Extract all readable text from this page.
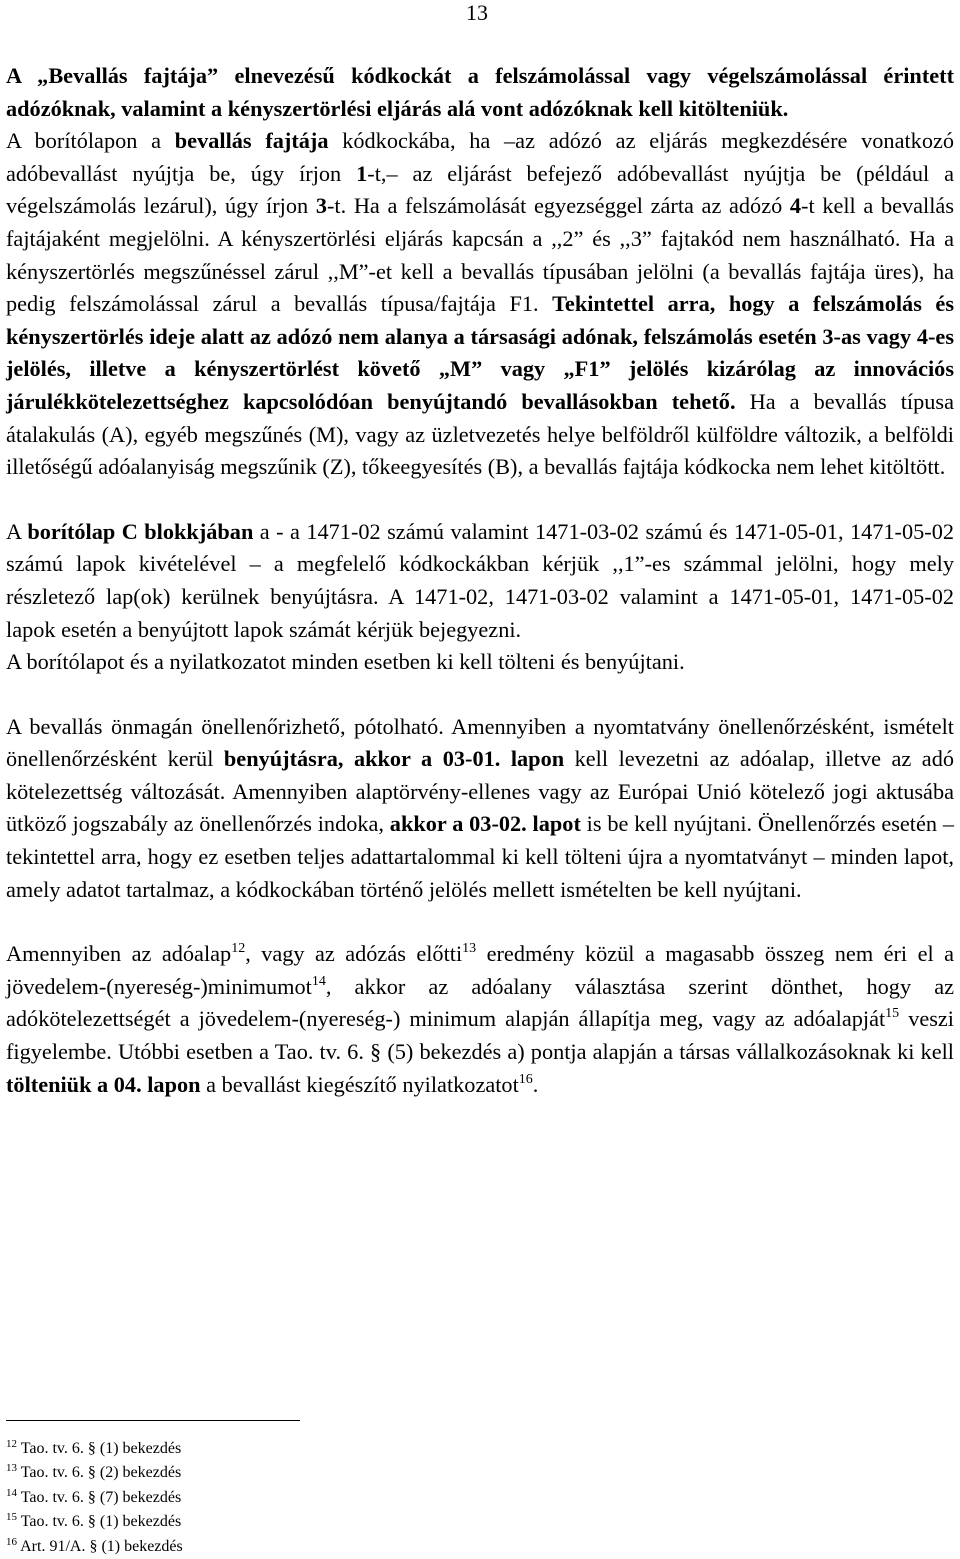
13

A „Bevallás fajtája” elnevezésű kódkockát a felszámolással vagy végelszámolással érintett adózóknak, valamint a kényszertörlési eljárás alá vont adózóknak kell kitölteniük.

A borítólapon a bevallás fajtája kódkockába, ha –az adózó az eljárás megkezdésére vonatkozó adóbevallást nyújtja be, úgy írjon 1-t,– az eljárást befejező adóbevallást nyújtja be (például a végelszámolás lezárul), úgy írjon 3-t. Ha a felszámolását egyezséggel zárta az adózó 4-t kell a bevallás fajtájaként megjelölni. A kényszertörlési eljárás kapcsán a ,,2” és ,,3” fajtakód nem használható. Ha a kényszertörlés megszűnéssel zárul ,,M”-et kell a bevallás típusában jelölni (a bevallás fajtája üres), ha pedig felszámolással zárul a bevallás típusa/fajtája F1. Tekintettel arra, hogy a felszámolás és kényszertörlés ideje alatt az adózó nem alanya a társasági adónak, felszámolás esetén 3-as vagy 4-es jelölés, illetve a kényszertörlést követő „M” vagy „F1” jelölés kizárólag az innovációs járulékkötelezettséghez kapcsolódóan benyújtandó bevallásokban tehető. Ha a bevallás típusa átalakulás (A), egyéb megszűnés (M), vagy az üzletvezetés helye belföldről külföldre változik, a belföldi illetőségű adóalanyiság megszűnik (Z), tőkeegyesítés (B), a bevallás fajtája kódkocka nem lehet kitöltött.

A borítólap C blokkjában a - a 1471-02 számú valamint 1471-03-02 számú és 1471-05-01, 1471-05-02 számú lapok kivételével – a megfelelő kódkockákban kérjük ,,1”-es számmal jelölni, hogy mely részletező lap(ok) kerülnek benyújtásra. A 1471-02, 1471-03-02 valamint a 1471-05-01, 1471-05-02 lapok esetén a benyújtott lapok számát kérjük bejegyezni.

A borítólapot és a nyilatkozatot minden esetben ki kell tölteni és benyújtani.

A bevallás önmagán önellenőrizhető, pótolható. Amennyiben a nyomtatvány önellenőrzésként, ismételt önellenőrzésként kerül benyújtásra, akkor a 03-01. lapon kell levezetni az adóalap, illetve az adó kötelezettség változását. Amennyiben alaptörvény-ellenes vagy az Európai Unió kötelező jogi aktusába ütköző jogszabály az önellenőrzés indoka, akkor a 03-02. lapot is be kell nyújtani. Önellenőrzés esetén – tekintettel arra, hogy ez esetben teljes adattartalommal ki kell tölteni újra a nyomtatványt – minden lapot, amely adatot tartalmaz, a kódkockában történő jelölés mellett ismételten be kell nyújtani.

Amennyiben az adóalap$^{12}$, vagy az adózás előtti$^{13}$ eredmény közül a magasabb összeg nem éri el a jövedelem-(nyereség-)minimumot$^{14}$, akkor az adóalany választása szerint dönthet, hogy az adókötelezettségét a jövedelem-(nyereség-) minimum alapján állapítja meg, vagy az adóalapját$^{15}$ veszi figyelembe. Utóbbi esetben a Tao. tv. 6. § (5) bekezdés a) pontja alapján a társas vállalkozásoknak ki kell tölteniük a 04. lapon a bevallást kiegészítő nyilatkozatot$^{16}$.

$^{12}$ Tao. tv. 6. § (1) bekezdés
$^{13}$ Tao. tv. 6. § (2) bekezdés
$^{14}$ Tao. tv. 6. § (7) bekezdés
$^{15}$ Tao. tv. 6. § (1) bekezdés
$^{16}$ Art. 91/A. § (1) bekezdés
